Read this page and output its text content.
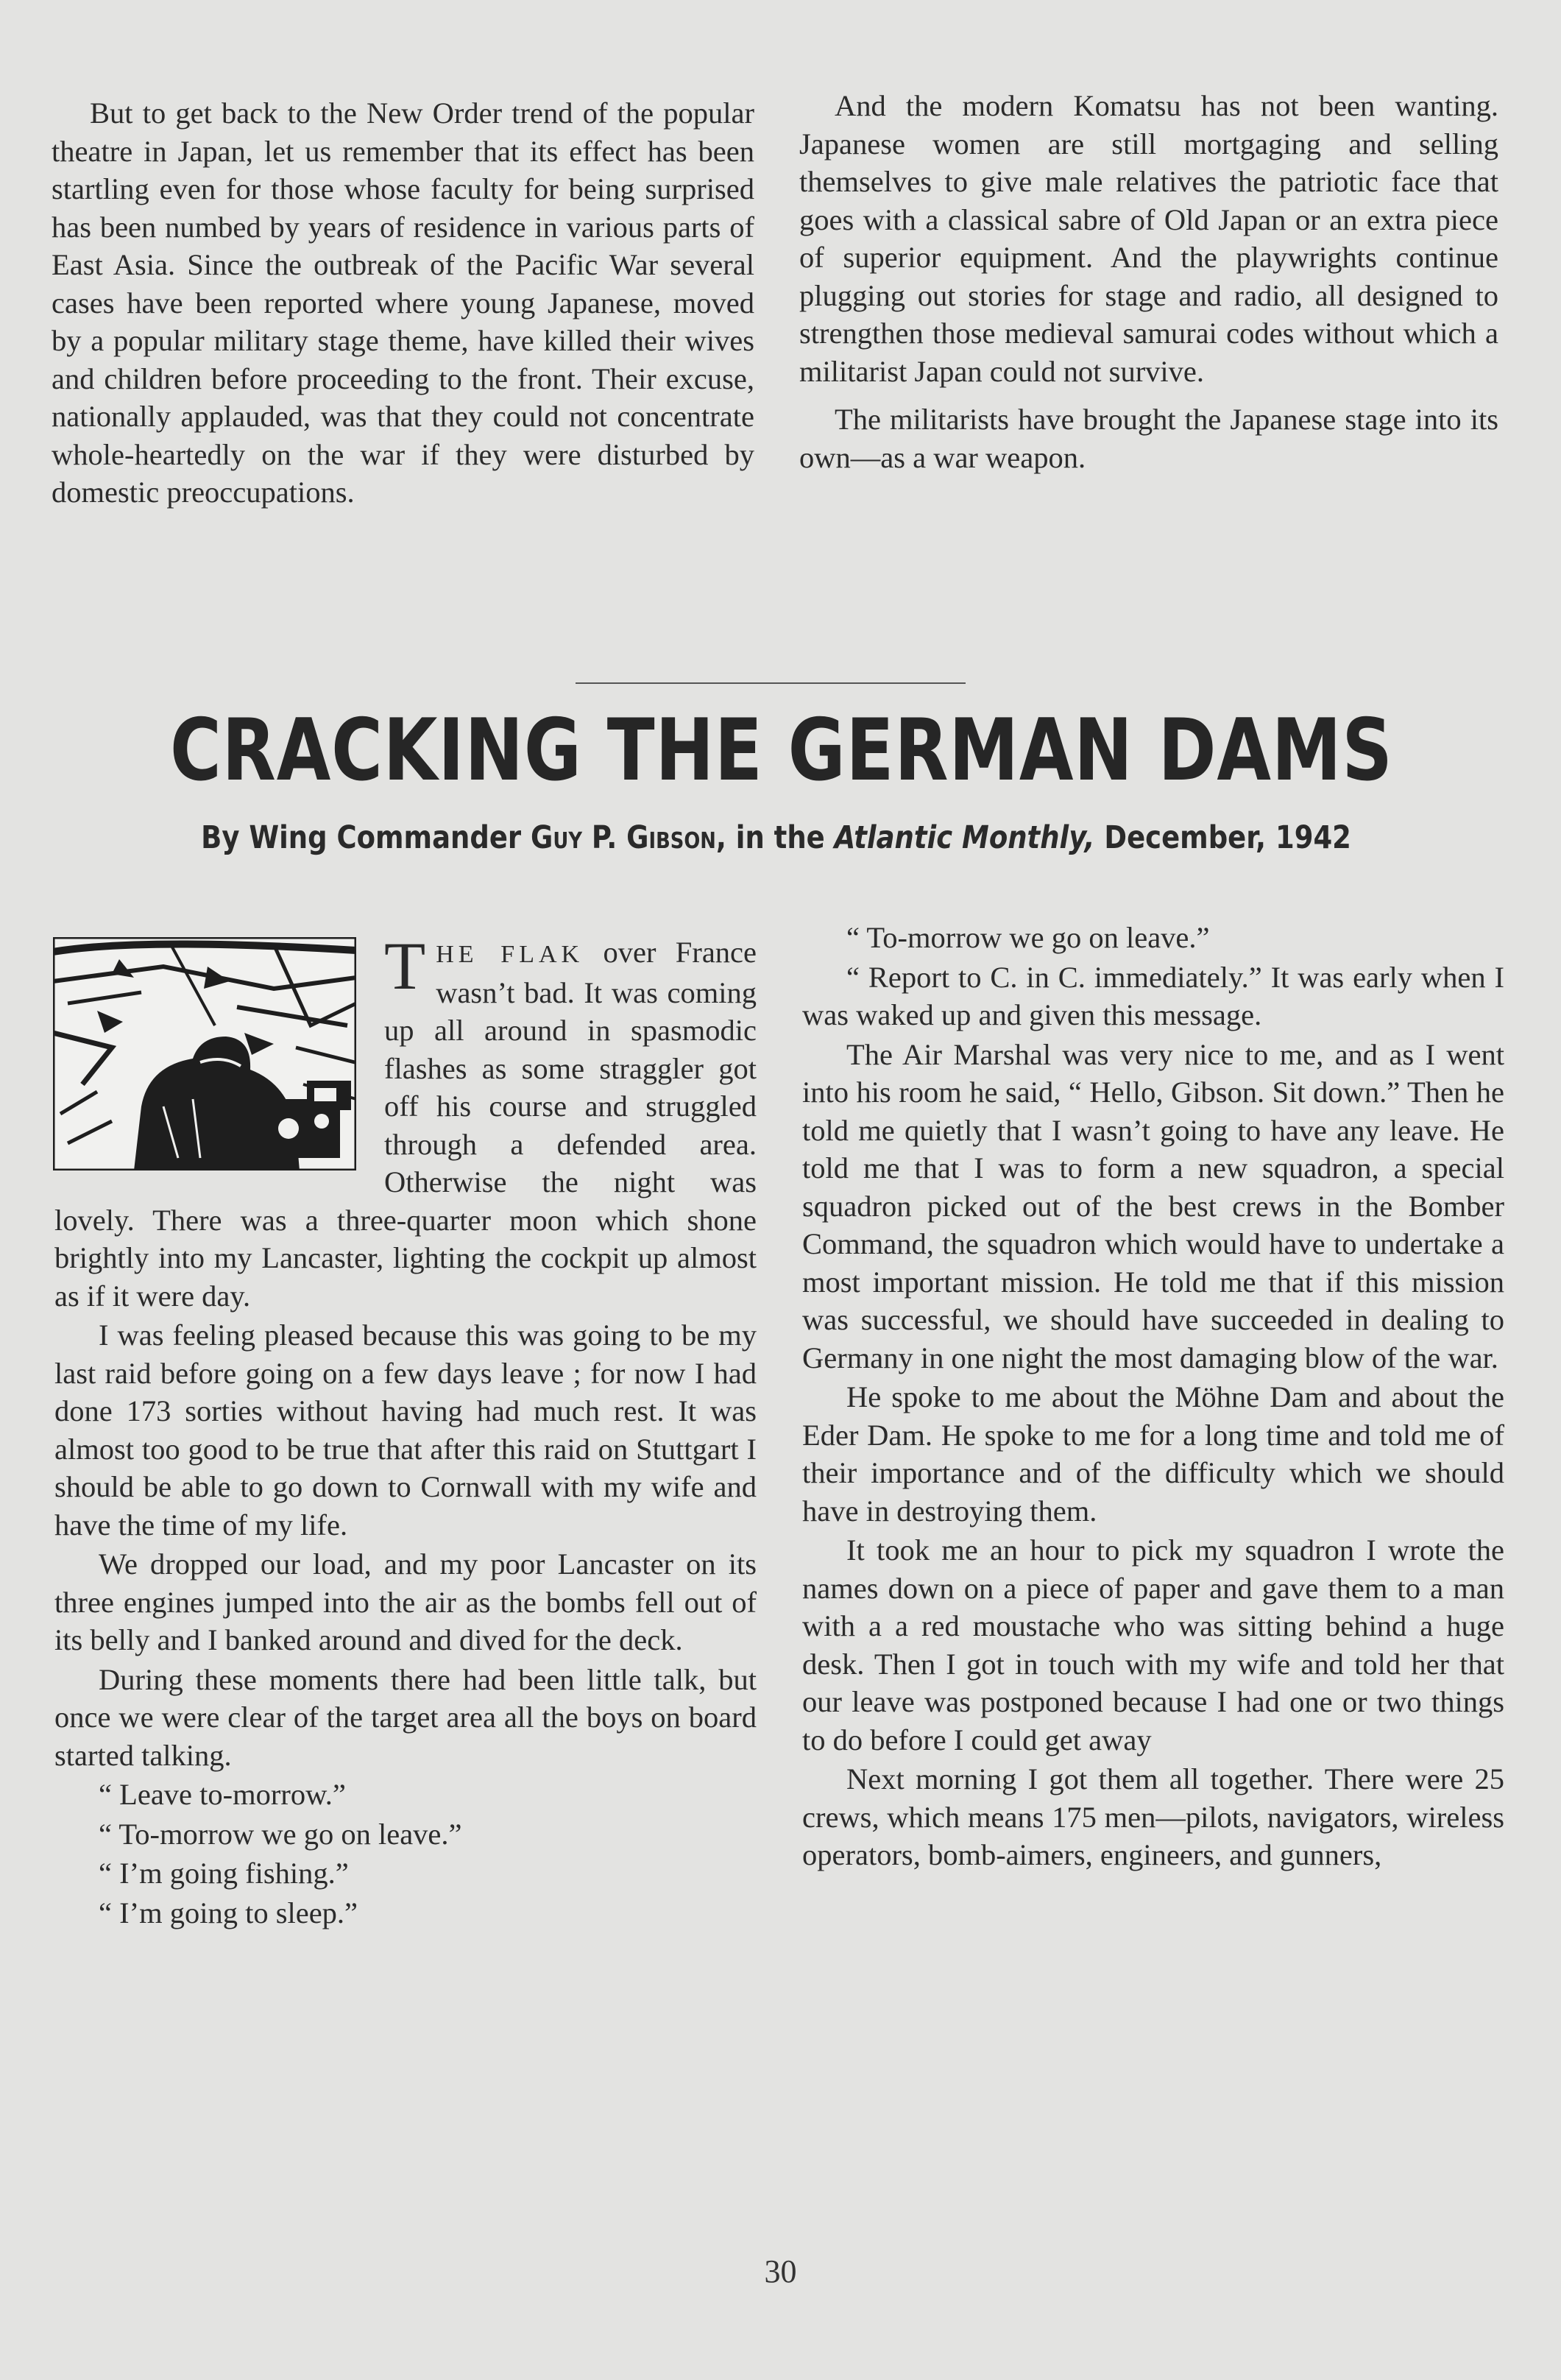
But to get back to the New Order trend of the popular theatre in Japan, let us remember that its effect has been startling even for those whose faculty for being surprised has been numbed by years of residence in various parts of East Asia. Since the outbreak of the Pacific War several cases have been reported where young Japanese, moved by a popular military stage theme, have killed their wives and children before proceeding to the front. Their excuse, nationally applauded, was that they could not concentrate whole-heartedly on the war if they were disturbed by domestic preoccupations.

And the modern Komatsu has not been wanting. Japanese women are still mortgaging and selling themselves to give male relatives the patriotic face that goes with a classical sabre of Old Japan or an extra piece of superior equipment. And the playwrights continue plugging out stories for stage and radio, all designed to strengthen those medieval samurai codes without which a militarist Japan could not survive.

The militarists have brought the Japanese stage into its own—as a war weapon.

CRACKING THE GERMAN DAMS
By Wing Commander Guy P. Gibson, in the Atlantic Monthly, December, 1942

THE FLAK over France wasn’t bad. It was coming up all around in spasmodic flashes as some straggler got off his course and struggled through a defended area. Otherwise the night was lovely. There was a three-quarter moon which shone brightly into my Lancaster, lighting the cockpit up almost as if it were day.

I was feeling pleased because this was going to be my last raid before going on a few days leave ; for now I had done 173 sorties without having had much rest. It was almost too good to be true that after this raid on Stuttgart I should be able to go down to Cornwall with my wife and have the time of my life.

We dropped our load, and my poor Lancaster on its three engines jumped into the air as the bombs fell out of its belly and I banked around and dived for the deck.

During these moments there had been little talk, but once we were clear of the target area all the boys on board started talking.

“ Leave to-morrow.”

“ To-morrow we go on leave.”

“ I’m going fishing.”

“ I’m going to sleep.”

“ To-morrow we go on leave.”

“ Report to C. in C. immediately.” It was early when I was waked up and given this message.

The Air Marshal was very nice to me, and as I went into his room he said, “ Hello, Gibson. Sit down.” Then he told me quietly that I wasn’t going to have any leave. He told me that I was to form a new squadron, a special squadron picked out of the best crews in the Bomber Command, the squadron which would have to undertake a most important mission. He told me that if this mission was successful, we should have succeeded in dealing to Germany in one night the most damaging blow of the war.

He spoke to me about the Möhne Dam and about the Eder Dam. He spoke to me for a long time and told me of their importance and of the difficulty which we should have in destroying them.

It took me an hour to pick my squadron I wrote the names down on a piece of paper and gave them to a man with a a red moustache who was sitting behind a huge desk. Then I got in touch with my wife and told her that our leave was postponed because I had one or two things to do before I could get away

Next morning I got them all together. There were 25 crews, which means 175 men—pilots, navigators, wireless operators, bomb-aimers, engineers, and gunners,

30
